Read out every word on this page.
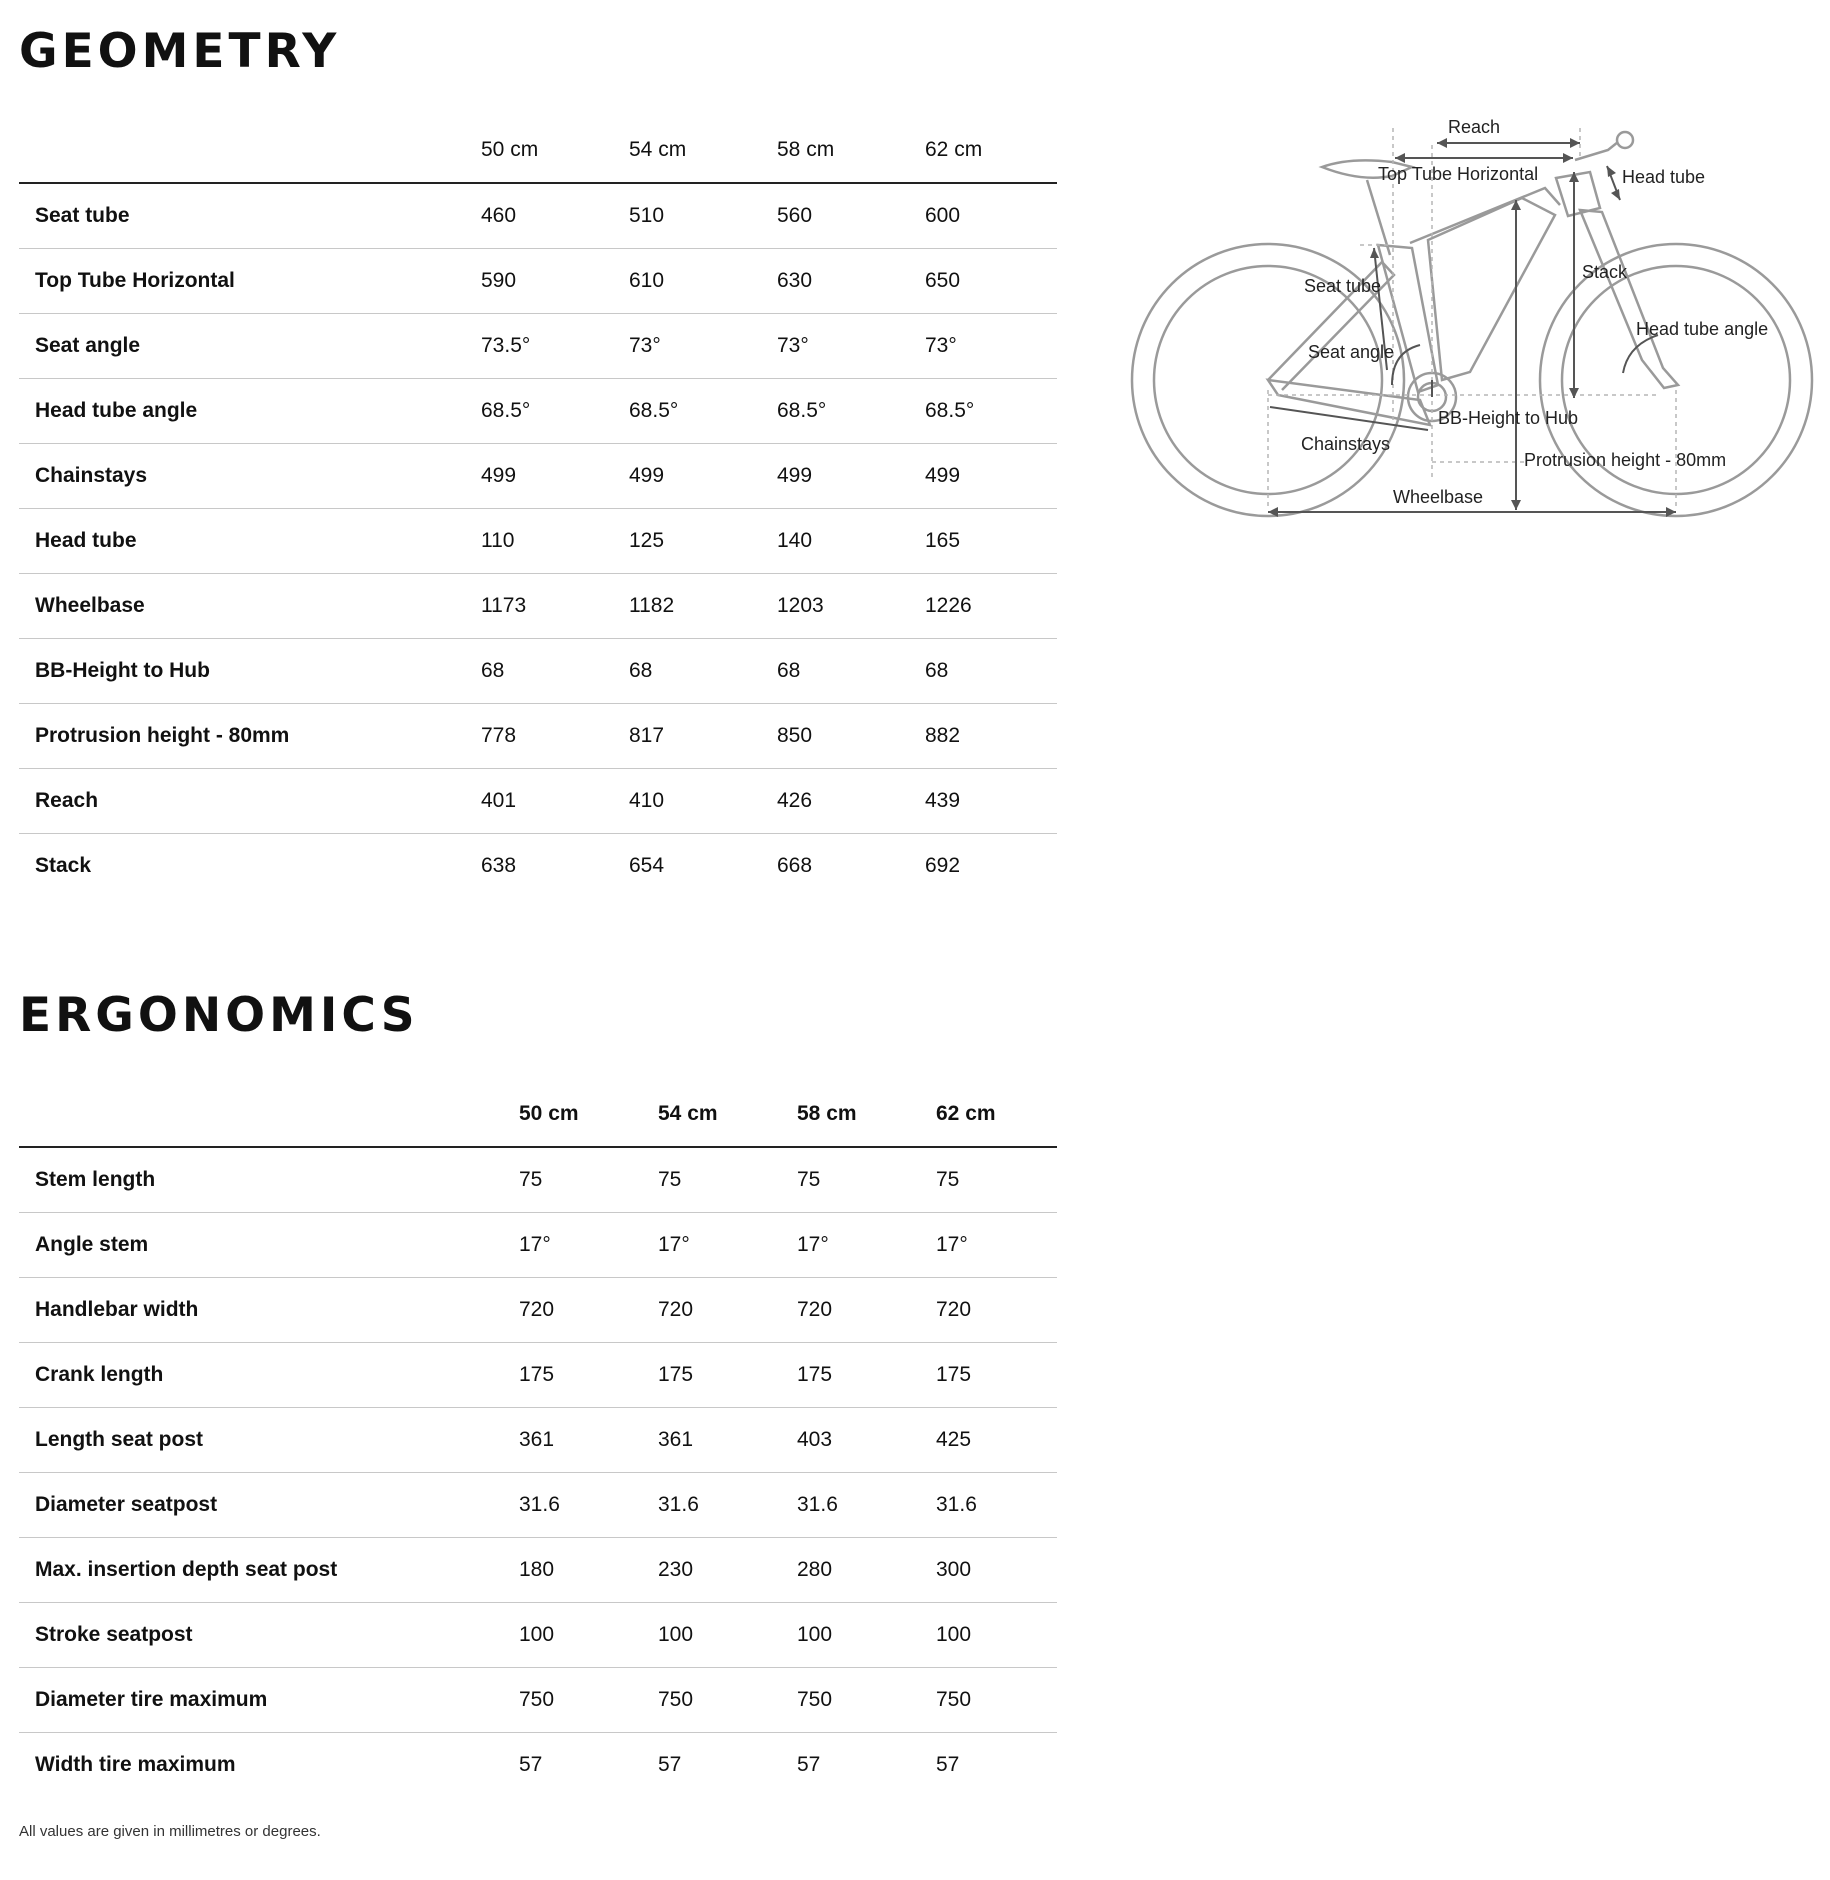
GEOMETRY
	50 cm	54 cm	58 cm	62 cm
Seat tube	460	510	560	600
Top Tube Horizontal	590	610	630	650
Seat angle	73.5°	73°	73°	73°
Head tube angle	68.5°	68.5°	68.5°	68.5°
Chainstays	499	499	499	499
Head tube	110	125	140	165
Wheelbase	1173	1182	1203	1226
BB-Height to Hub	68	68	68	68
Protrusion height - 80mm	778	817	850	882
Reach	401	410	426	439
Stack	638	654	668	692
Reach
Top Tube Horizontal	Head tube
Stack
Seat tube
Head tube angle
Seat angle
BB-Height to Hub
Chainstays
Protrusion height - 80mm
Wheelbase
ERGONOMICS
	50 cm	54 cm	58 cm	62 cm
Stem length	75	75	75	75
Angle stem	17°	17°	17°	17°
Handlebar width	720	720	720	720
Crank length	175	175	175	175
Length seat post	361	361	403	425
Diameter seatpost	31.6	31.6	31.6	31.6
Max. insertion depth seat post	180	230	280	300
Stroke seatpost	100	100	100	100
Diameter tire maximum	750	750	750	750
Width tire maximum	57	57	57	57

All values are given in millimetres or degrees.
